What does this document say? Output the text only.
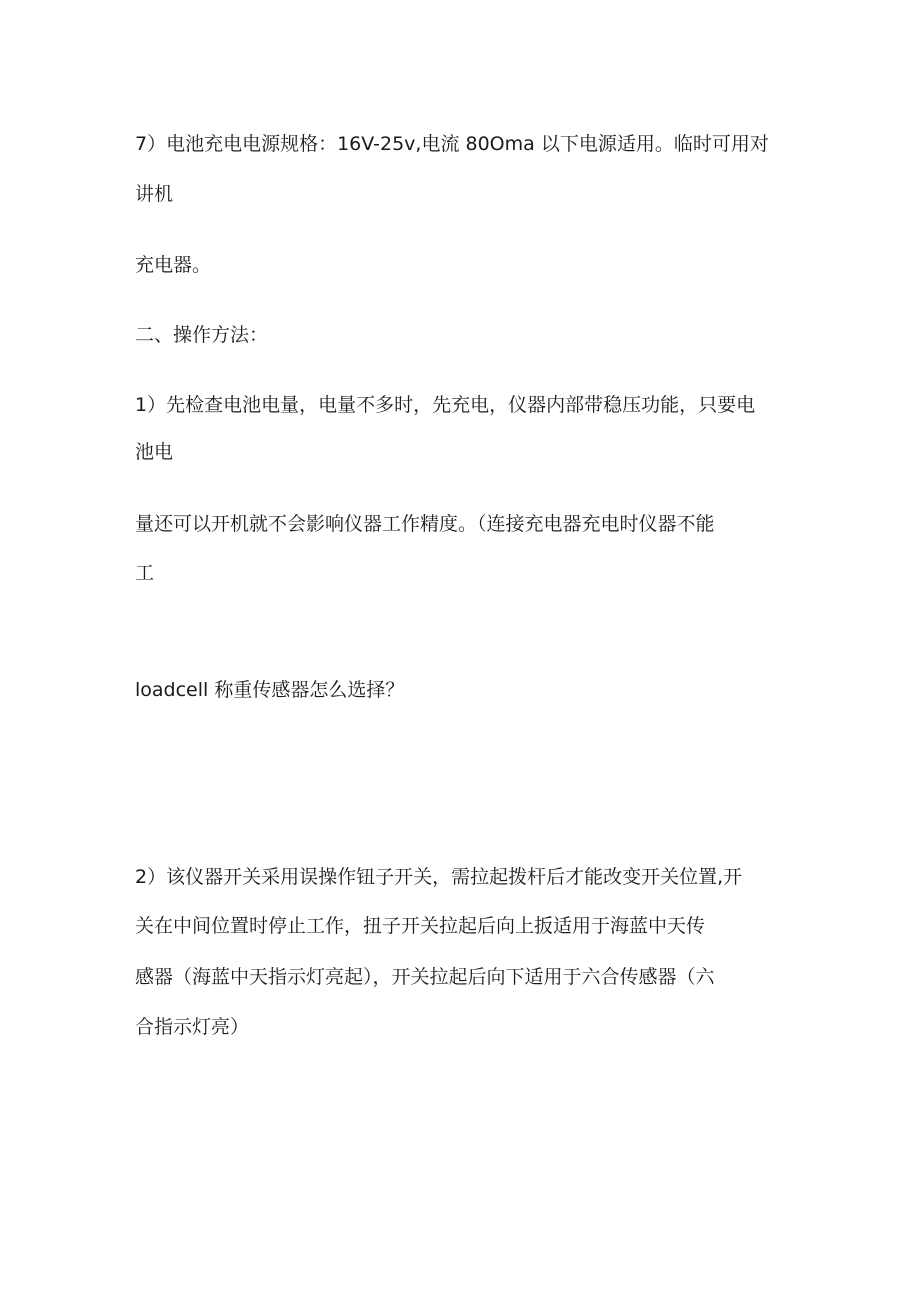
7）电池充电电源规格：16V-25v,电流 80Oma 以下电源适用。临时可用对
讲机
充电器。
二、操作方法：
1）先检查电池电量，电量不多时，先充电，仪器内部带稳压功能，只要电
池电
量还可以开机就不会影响仪器工作精度。（连接充电器充电时仪器不能
工
loadcell 称重传感器怎么选择？
2）该仪器开关采用误操作钮子开关，需拉起拨杆后才能改变开关位置,开
关在中间位置时停止工作，扭子开关拉起后向上扳适用于海蓝中天传
感器（海蓝中天指示灯亮起），开关拉起后向下适用于六合传感器（六
合指示灯亮）
